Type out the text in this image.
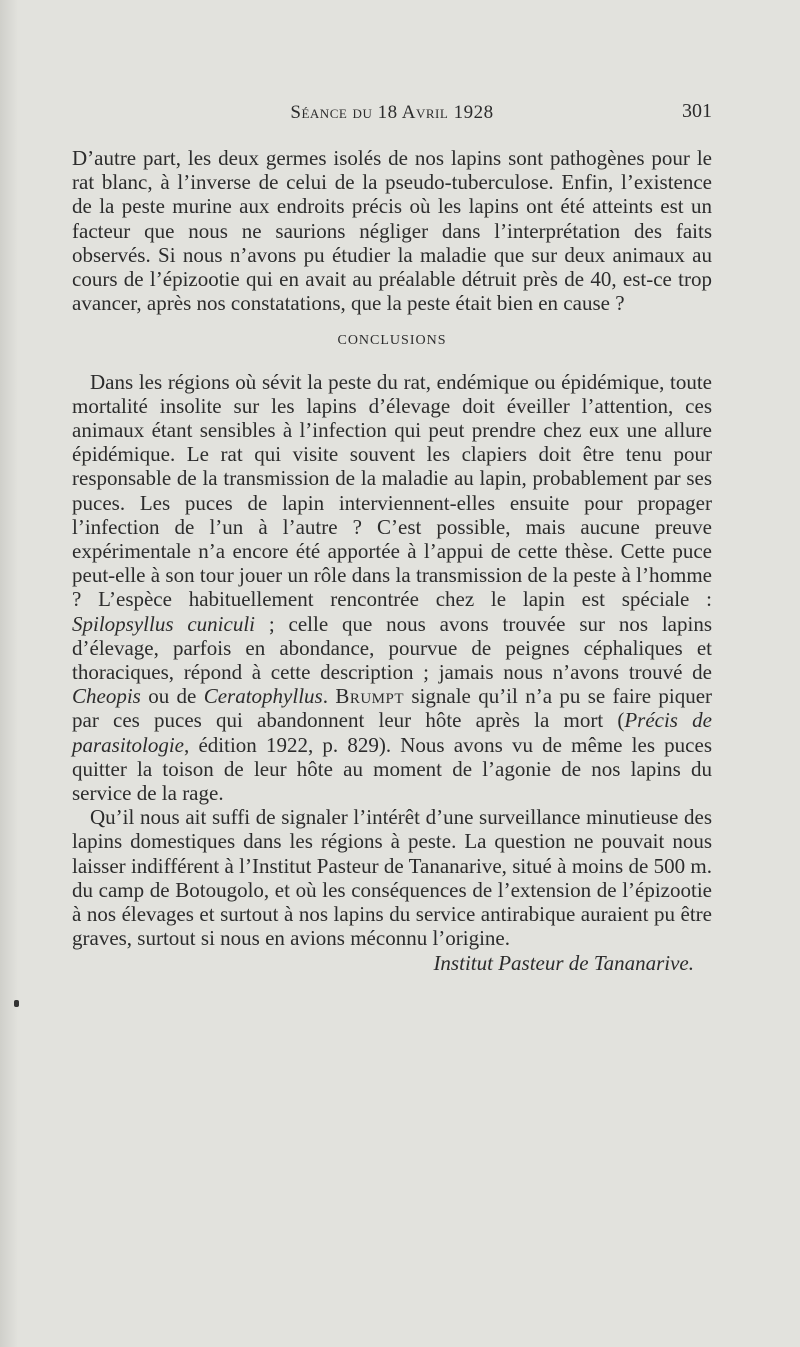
Séance du 18 Avril 1928	301

D’autre part, les deux germes isolés de nos lapins sont pathogènes pour le rat blanc, à l’inverse de celui de la pseudo-tuberculose. Enfin, l’existence de la peste murine aux endroits précis où les lapins ont été atteints est un facteur que nous ne saurions négliger dans l’interprétation des faits observés. Si nous n’avons pu étudier la maladie que sur deux animaux au cours de l’épizootie qui en avait au préalable détruit près de 40, est-ce trop avancer, après nos constatations, que la peste était bien en cause ?

CONCLUSIONS

Dans les régions où sévit la peste du rat, endémique ou épidémique, toute mortalité insolite sur les lapins d’élevage doit éveiller l’attention, ces animaux étant sensibles à l’infection qui peut prendre chez eux une allure épidémique. Le rat qui visite souvent les clapiers doit être tenu pour responsable de la transmission de la maladie au lapin, probablement par ses puces. Les puces de lapin interviennent-elles ensuite pour propager l’infection de l’un à l’autre ? C’est possible, mais aucune preuve expérimentale n’a encore été apportée à l’appui de cette thèse. Cette puce peut-elle à son tour jouer un rôle dans la transmission de la peste à l’homme ? L’espèce habituellement rencontrée chez le lapin est spéciale : Spilopsyllus cuniculi ; celle que nous avons trouvée sur nos lapins d’élevage, parfois en abondance, pourvue de peignes céphaliques et thoraciques, répond à cette description ; jamais nous n’avons trouvé de Cheopis ou de Ceratophyllus. Brumpt signale qu’il n’a pu se faire piquer par ces puces qui abandonnent leur hôte après la mort (Précis de parasitologie, édition 1922, p. 829). Nous avons vu de même les puces quitter la toison de leur hôte au moment de l’agonie de nos lapins du service de la rage.

Qu’il nous ait suffi de signaler l’intérêt d’une surveillance minutieuse des lapins domestiques dans les régions à peste. La question ne pouvait nous laisser indifférent à l’Institut Pasteur de Tananarive, situé à moins de 500 m. du camp de Botougolo, et où les conséquences de l’extension de l’épizootie à nos élevages et surtout à nos lapins du service antirabique auraient pu être graves, surtout si nous en avions méconnu l’origine.

Institut Pasteur de Tananarive.
